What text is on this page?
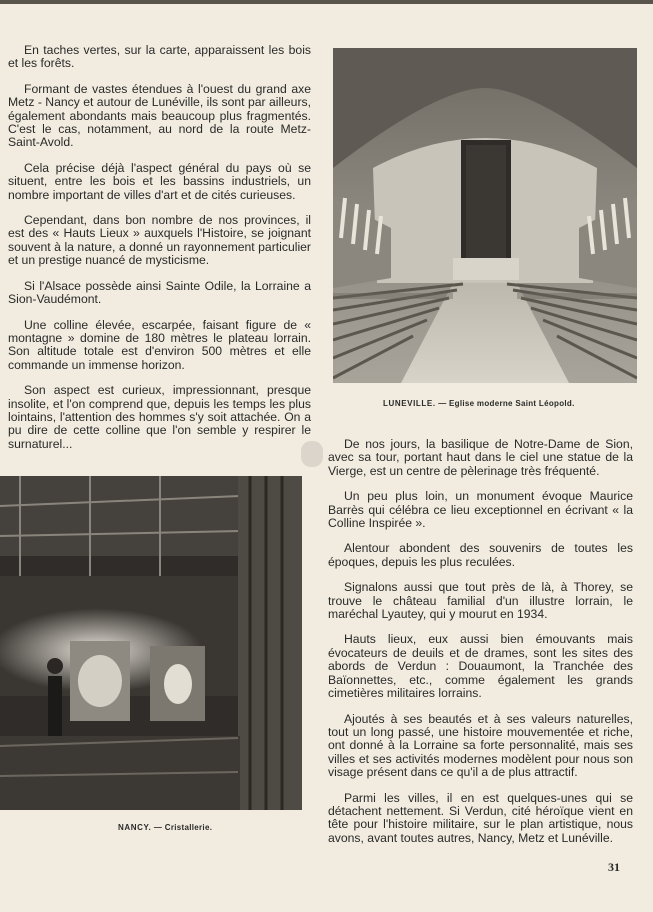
En taches vertes, sur la carte, apparaissent les bois et les forêts.

Formant de vastes étendues à l'ouest du grand axe Metz - Nancy et autour de Lunéville, ils sont par ailleurs, également abondants mais beaucoup plus fragmentés. C'est le cas, notamment, au nord de la route Metz-Saint-Avold.

Cela précise déjà l'aspect général du pays où se situent, entre les bois et les bassins industriels, un nombre important de villes d'art et de cités curieuses.

Cependant, dans bon nombre de nos provinces, il est des « Hauts Lieux » auxquels l'Histoire, se joignant souvent à la nature, a donné un rayonnement particulier et un prestige nuancé de mysticisme.

Si l'Alsace possède ainsi Sainte Odile, la Lorraine a Sion-Vaudémont.

Une colline élevée, escarpée, faisant figure de « montagne » domine de 180 mètres le plateau lorrain. Son altitude totale est d'environ 500 mètres et elle commande un immense horizon.

Son aspect est curieux, impressionnant, presque insolite, et l'on comprend que, depuis les temps les plus lointains, l'attention des hommes s'y soit attachée. On a pu dire de cette colline que l'on semble y respirer le surnaturel...

LUNEVILLE. — Eglise moderne Saint Léopold.

De nos jours, la basilique de Notre-Dame de Sion, avec sa tour, portant haut dans le ciel une statue de la Vierge, est un centre de pèlerinage très fréquenté.

Un peu plus loin, un monument évoque Maurice Barrès qui célébra ce lieu exceptionnel en écrivant « la Colline Inspirée ».

Alentour abondent des souvenirs de toutes les époques, depuis les plus reculées.

Signalons aussi que tout près de là, à Thorey, se trouve le château familial d'un illustre lorrain, le maréchal Lyautey, qui y mourut en 1934.

Hauts lieux, eux aussi bien émouvants mais évocateurs de deuils et de drames, sont les sites des abords de Verdun : Douaumont, la Tranchée des Baïonnettes, etc., comme également les grands cimetières militaires lorrains.

Ajoutés à ses beautés et à ses valeurs naturelles, tout un long passé, une histoire mouvementée et riche, ont donné à la Lorraine sa forte personnalité, mais ses villes et ses activités modernes modèlent pour nous son visage présent dans ce qu'il a de plus attractif.

Parmi les villes, il en est quelques-unes qui se détachent nettement. Si Verdun, cité héroïque vient en tête pour l'histoire militaire, sur le plan artistique, nous avons, avant toutes autres, Nancy, Metz et Lunéville.

NANCY. — Cristallerie.
31
